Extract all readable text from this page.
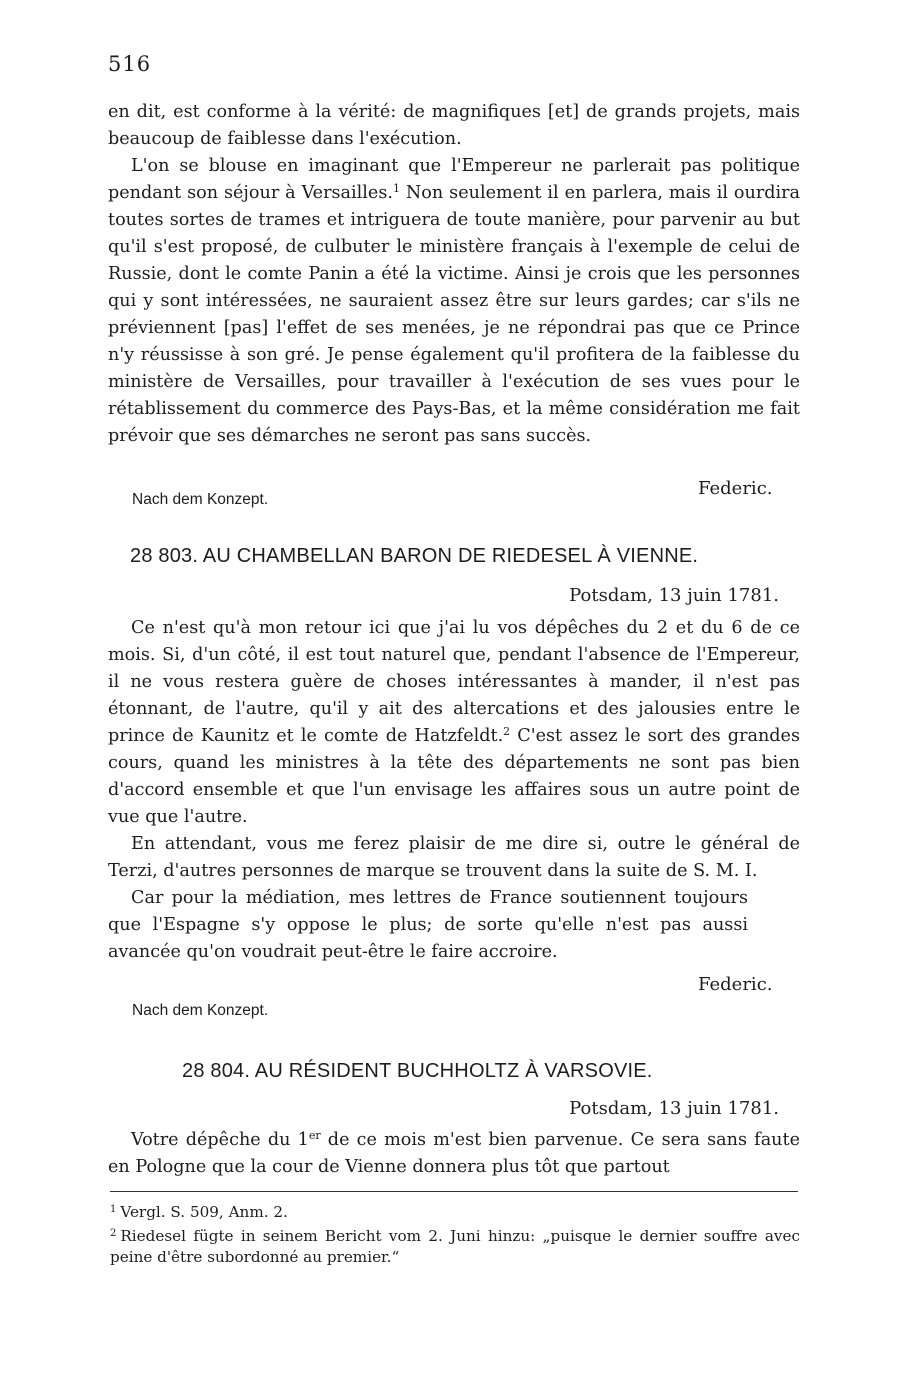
516

en dit, est conforme à la vérité: de magnifiques [et] de grands projets, mais beaucoup de faiblesse dans l'exécution.

L'on se blouse en imaginant que l'Empereur ne parlerait pas politique pendant son séjour à Versailles.$^1$ Non seulement il en parlera, mais il ourdira toutes sortes de trames et intriguera de toute manière, pour parvenir au but qu'il s'est proposé, de culbuter le ministère français à l'exemple de celui de Russie, dont le comte Panin a été la victime. Ainsi je crois que les personnes qui y sont intéressées, ne sauraient assez être sur leurs gardes; car s'ils ne préviennent [pas] l'effet de ses menées, je ne répondrai pas que ce Prince n'y réussisse à son gré. Je pense également qu'il profitera de la faiblesse du ministère de Versailles, pour travailler à l'exécution de ses vues pour le rétablissement du commerce des Pays-Bas, et la même considération me fait prévoir que ses démarches ne seront pas sans succès.

Federic.
Nach dem Konzept.
28 803. AU CHAMBELLAN BARON DE RIEDESEL À VIENNE.
Potsdam, 13 juin 1781.

Ce n'est qu'à mon retour ici que j'ai lu vos dépêches du 2 et du 6 de ce mois. Si, d'un côté, il est tout naturel que, pendant l'absence de l'Empereur, il ne vous restera guère de choses intéressantes à mander, il n'est pas étonnant, de l'autre, qu'il y ait des altercations et des jalousies entre le prince de Kaunitz et le comte de Hatzfeldt.$^2$ C'est assez le sort des grandes cours, quand les ministres à la tête des départements ne sont pas bien d'accord ensemble et que l'un envisage les affaires sous un autre point de vue que l'autre.

En attendant, vous me ferez plaisir de me dire si, outre le général de Terzi, d'autres personnes de marque se trouvent dans la suite de S. M. I.

Car pour la médiation, mes lettres de France soutiennent toujours que l'Espagne s'y oppose le plus; de sorte qu'elle n'est pas aussi avancée qu'on voudrait peut-être le faire accroire.

Federic.
Nach dem Konzept.
28 804. AU RÉSIDENT BUCHHOLTZ À VARSOVIE.
Potsdam, 13 juin 1781.

Votre dépêche du 1er de ce mois m'est bien parvenue. Ce sera sans faute en Pologne que la cour de Vienne donnera plus tôt que partout

$^1$ Vergl. S. 509, Anm. 2.

$^2$ Riedesel fügte in seinem Bericht vom 2. Juni hinzu: „puisque le dernier souffre avec peine d'être subordonné au premier.“
